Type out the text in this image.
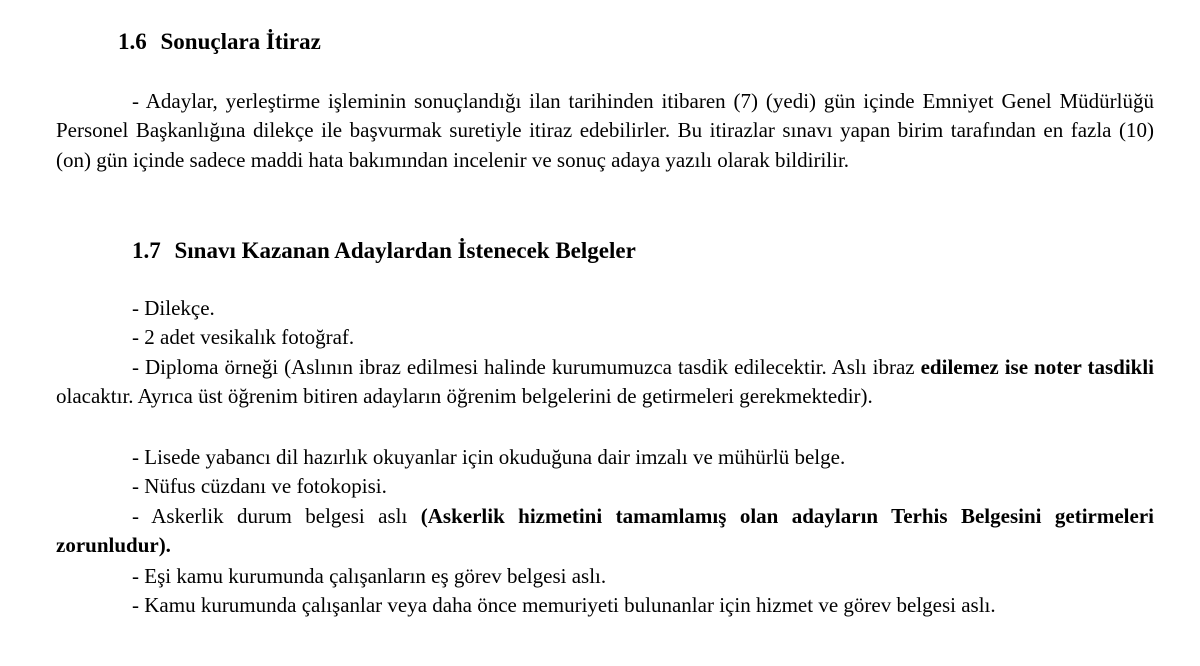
1.6 Sonuçlara İtiraz
- Adaylar, yerleştirme işleminin sonuçlandığı ilan tarihinden itibaren (7) (yedi) gün içinde Emniyet Genel Müdürlüğü Personel Başkanlığına dilekçe ile başvurmak suretiyle itiraz edebilirler. Bu itirazlar sınavı yapan birim tarafından en fazla (10) (on) gün içinde sadece maddi hata bakımından incelenir ve sonuç adaya yazılı olarak bildirilir.
1.7 Sınavı Kazanan Adaylardan İstenecek Belgeler
- Dilekçe.
- 2 adet vesikalık fotoğraf.
- Diploma örneği (Aslının ibraz edilmesi halinde kurumumuzca tasdik edilecektir. Aslı ibraz edilemez ise noter tasdikli olacaktır. Ayrıca üst öğrenim bitiren adayların öğrenim belgelerini de getirmeleri gerekmektedir).
- Lisede yabancı dil hazırlık okuyanlar için okuduğuna dair imzalı ve mühürlü belge.
- Nüfus cüzdanı ve fotokopisi.
- Askerlik durum belgesi aslı (Askerlik hizmetini tamamlamış olan adayların Terhis Belgesini getirmeleri zorunludur).
- Eşi kamu kurumunda çalışanların eş görev belgesi aslı.
- Kamu kurumunda çalışanlar veya daha önce memuriyeti bulunanlar için hizmet ve görev belgesi aslı.
